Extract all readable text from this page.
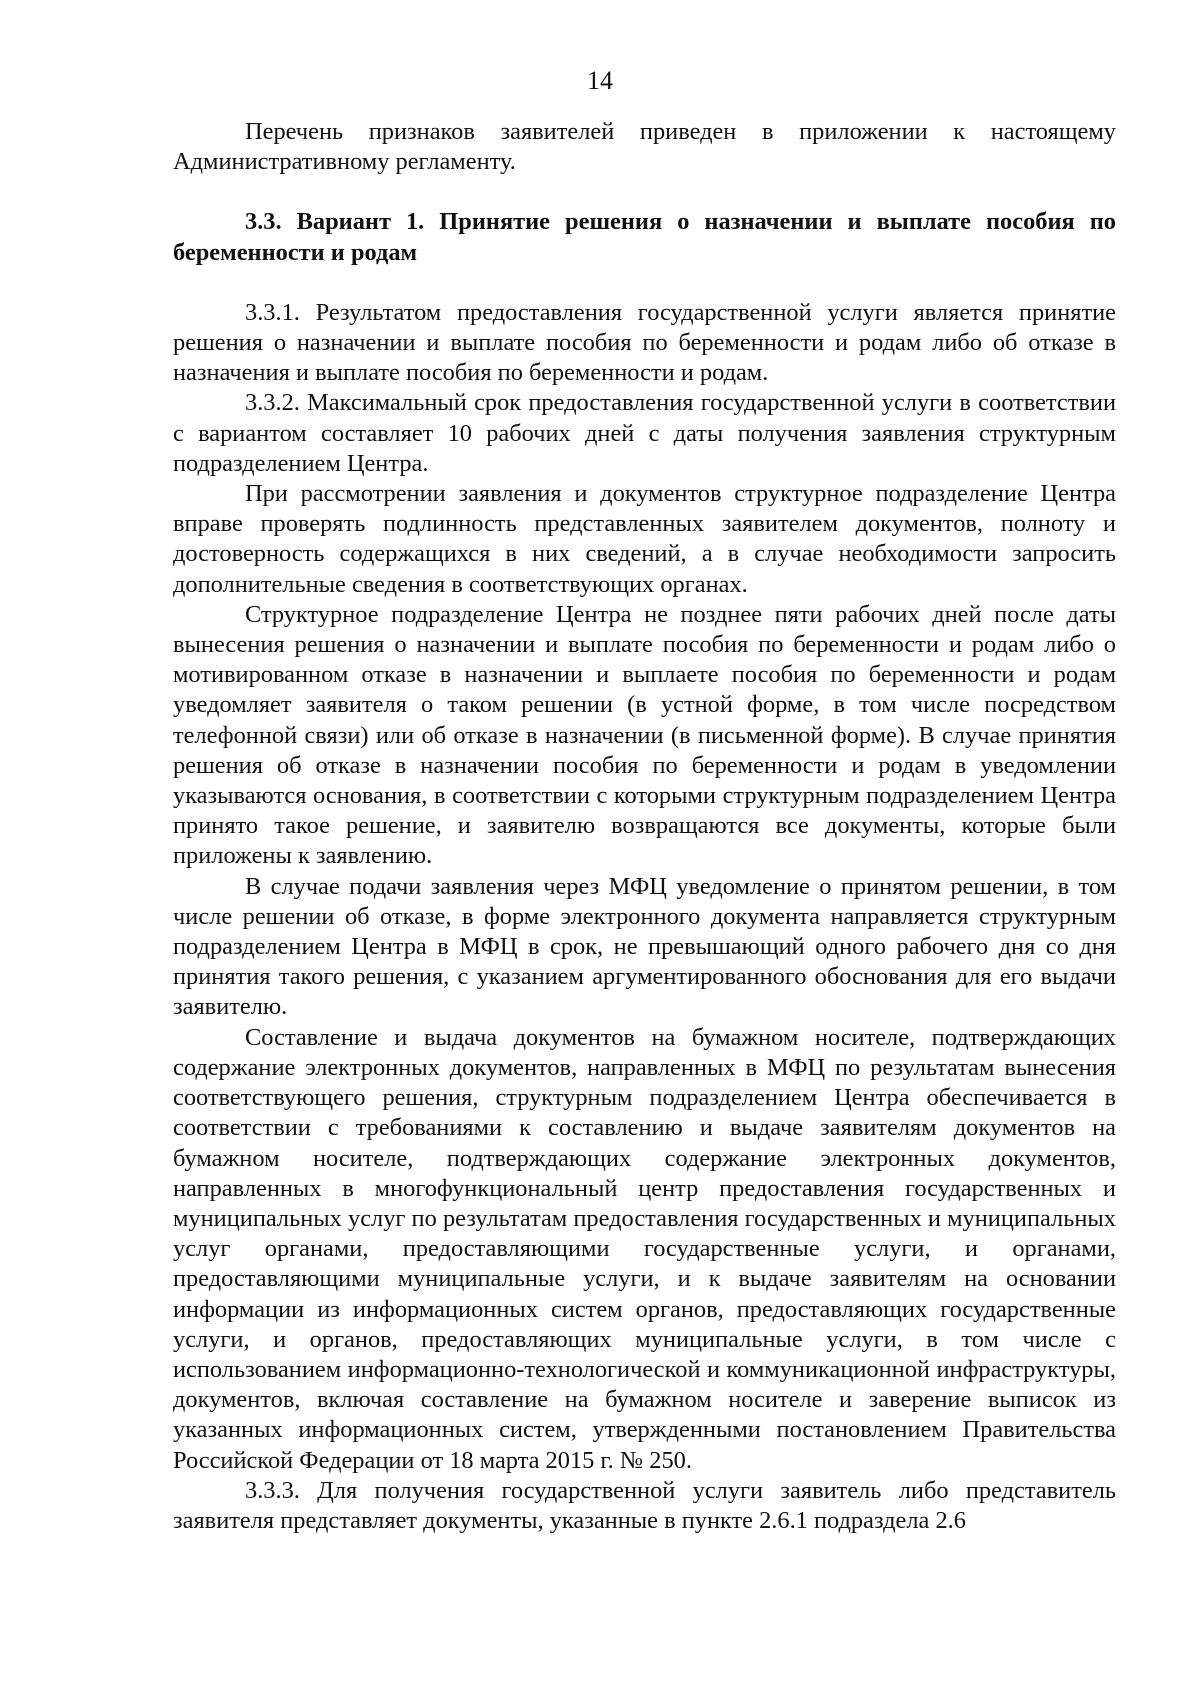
14

Перечень признаков заявителей приведен в приложении к настоящему Административному регламенту.

3.3. Вариант 1. Принятие решения о назначении и выплате пособия по беременности и родам

3.3.1. Результатом предоставления государственной услуги является принятие решения о назначении и выплате пособия по беременности и родам либо об отказе в назначения и выплате пособия по беременности и родам.

3.3.2. Максимальный срок предоставления государственной услуги в соответствии с вариантом составляет 10 рабочих дней с даты получения заявления структурным подразделением Центра.

При рассмотрении заявления и документов структурное подразделение Центра вправе проверять подлинность представленных заявителем документов, полноту и достоверность содержащихся в них сведений, а в случае необходимости запросить дополнительные сведения в соответствующих органах.

Структурное подразделение Центра не позднее пяти рабочих дней после даты вынесения решения о назначении и выплате пособия по беременности и родам либо о мотивированном отказе в назначении и выплаете пособия по беременности и родам уведомляет заявителя о таком решении (в устной форме, в том числе посредством телефонной связи) или об отказе в назначении (в письменной форме). В случае принятия решения об отказе в назначении пособия по беременности и родам в уведомлении указываются основания, в соответствии с которыми структурным подразделением Центра принято такое решение, и заявителю возвращаются все документы, которые были приложены к заявлению.

В случае подачи заявления через МФЦ уведомление о принятом решении, в том числе решении об отказе, в форме электронного документа направляется структурным подразделением Центра в МФЦ в срок, не превышающий одного рабочего дня со дня принятия такого решения, с указанием аргументированного обоснования для его выдачи заявителю.

Составление и выдача документов на бумажном носителе, подтверждающих содержание электронных документов, направленных в МФЦ по результатам вынесения соответствующего решения, структурным подразделением Центра обеспечивается в соответствии с требованиями к составлению и выдаче заявителям документов на бумажном носителе, подтверждающих содержание электронных документов, направленных в многофункциональный центр предоставления государственных и муниципальных услуг по результатам предоставления государственных и муниципальных услуг органами, предоставляющими государственные услуги, и органами, предоставляющими муниципальные услуги, и к выдаче заявителям на основании информации из информационных систем органов, предоставляющих государственные услуги, и органов, предоставляющих муниципальные услуги, в том числе с использованием информационно-технологической и коммуникационной инфраструктуры, документов, включая составление на бумажном носителе и заверение выписок из указанных информационных систем, утвержденными постановлением Правительства Российской Федерации от 18 марта 2015 г. № 250.

3.3.3. Для получения государственной услуги заявитель либо представитель заявителя представляет документы, указанные в пункте 2.6.1 подраздела 2.6
